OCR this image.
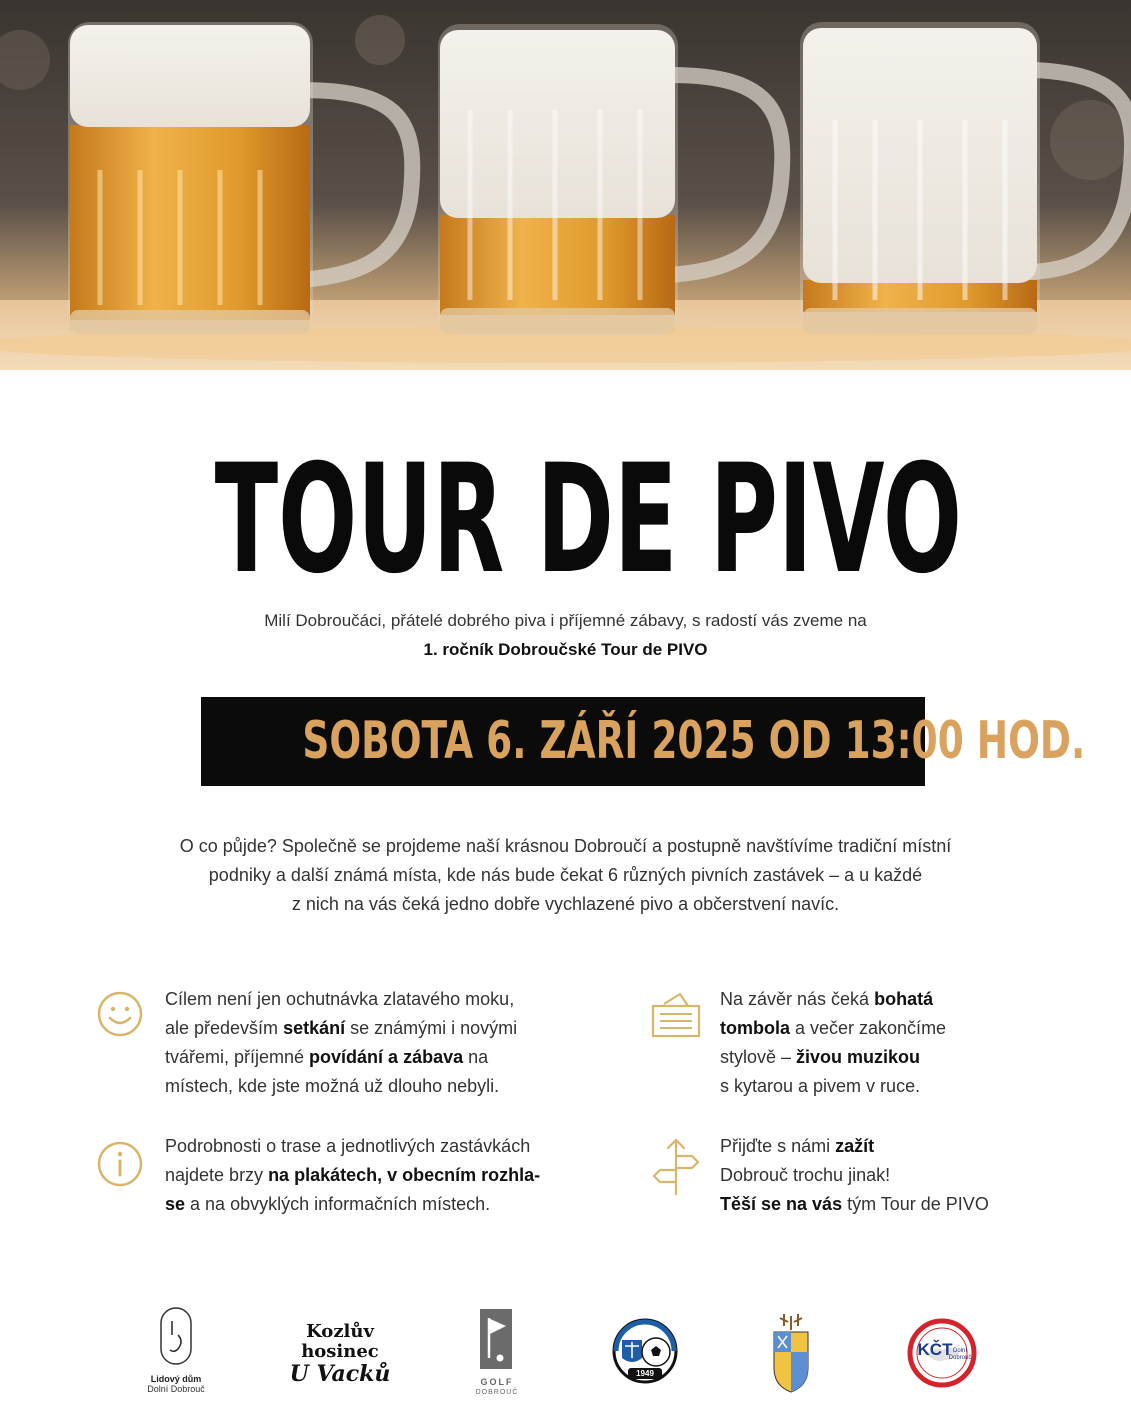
TOUR DE PIVO
Milí Dobroučáci, přátelé dobrého piva i příjemné zábavy, s radostí vás zveme na
1. ročník Dobroučské Tour de PIVO
SOBOTA 6. ZÁŘÍ 2025 OD 13:00 HOD.
O co půjde? Společně se projdeme naší krásnou Dobroučí a postupně navštívíme tradiční místní
podniky a další známá místa, kde nás bude čekat 6 různých pivních zastávek – a u každé
z nich na vás čeká jedno dobře vychlazené pivo a občerstvení navíc.
Cílem není jen ochutnávka zlatavého moku,
ale především setkání se známými i novými
tvářemi, příjemné povídání a zábava na
místech, kde jste možná už dlouho nebyli.
Na závěr nás čeká bohatá
tombola a večer zakončíme
stylově – živou muzikou
s kytarou a pivem v ruce.
Podrobnosti o trase a jednotlivých zastávkách
najdete brzy na plakátech, v obecním rozhla-
se a na obvyklých informačních místech.
Přijďte s námi zažít
Dobrouč trochu jinak!
Těší se na vás tým Tour de PIVO
Lidový dům
Dolní Dobrouč
Kozlův
hosinec
U Vacků	GOLF
DOBROUČ
1949
KČT Dolní Dobrouč
